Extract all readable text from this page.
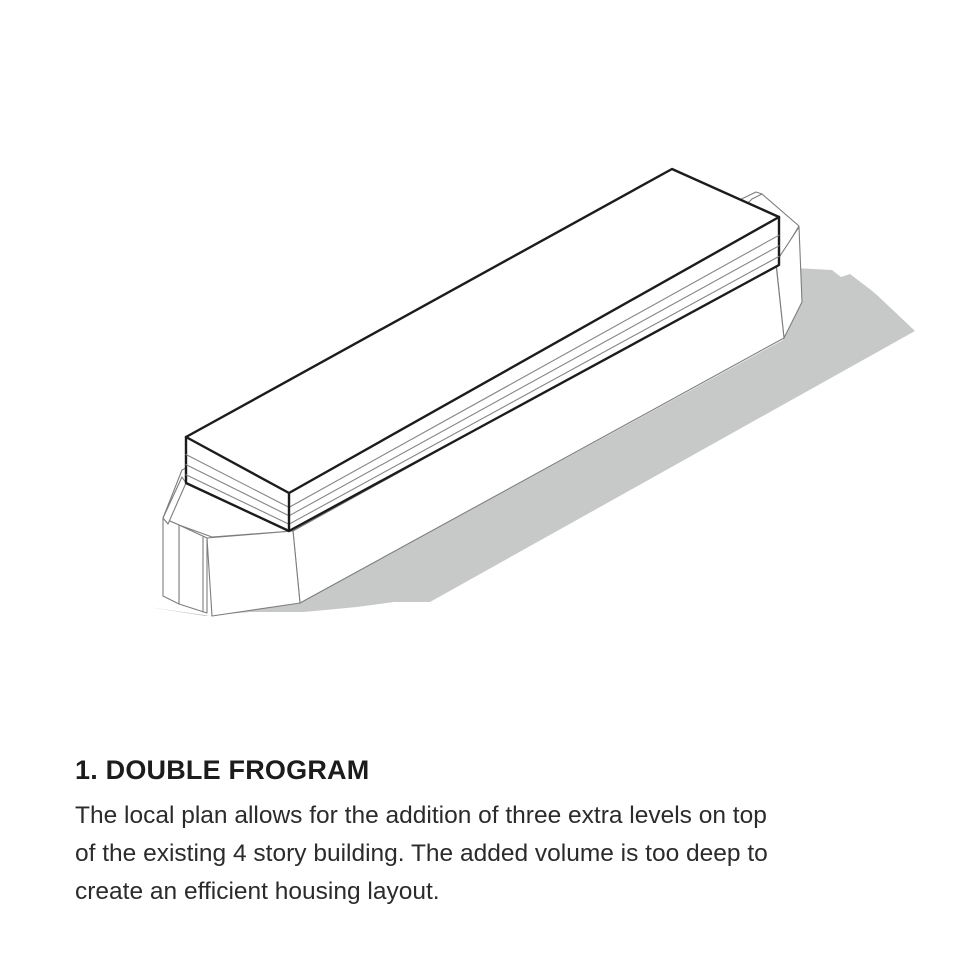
1. DOUBLE FROGRAM
The local plan allows for the addition of three extra levels on top
of the existing 4 story building. The added volume is too deep to
create an efficient housing layout.
